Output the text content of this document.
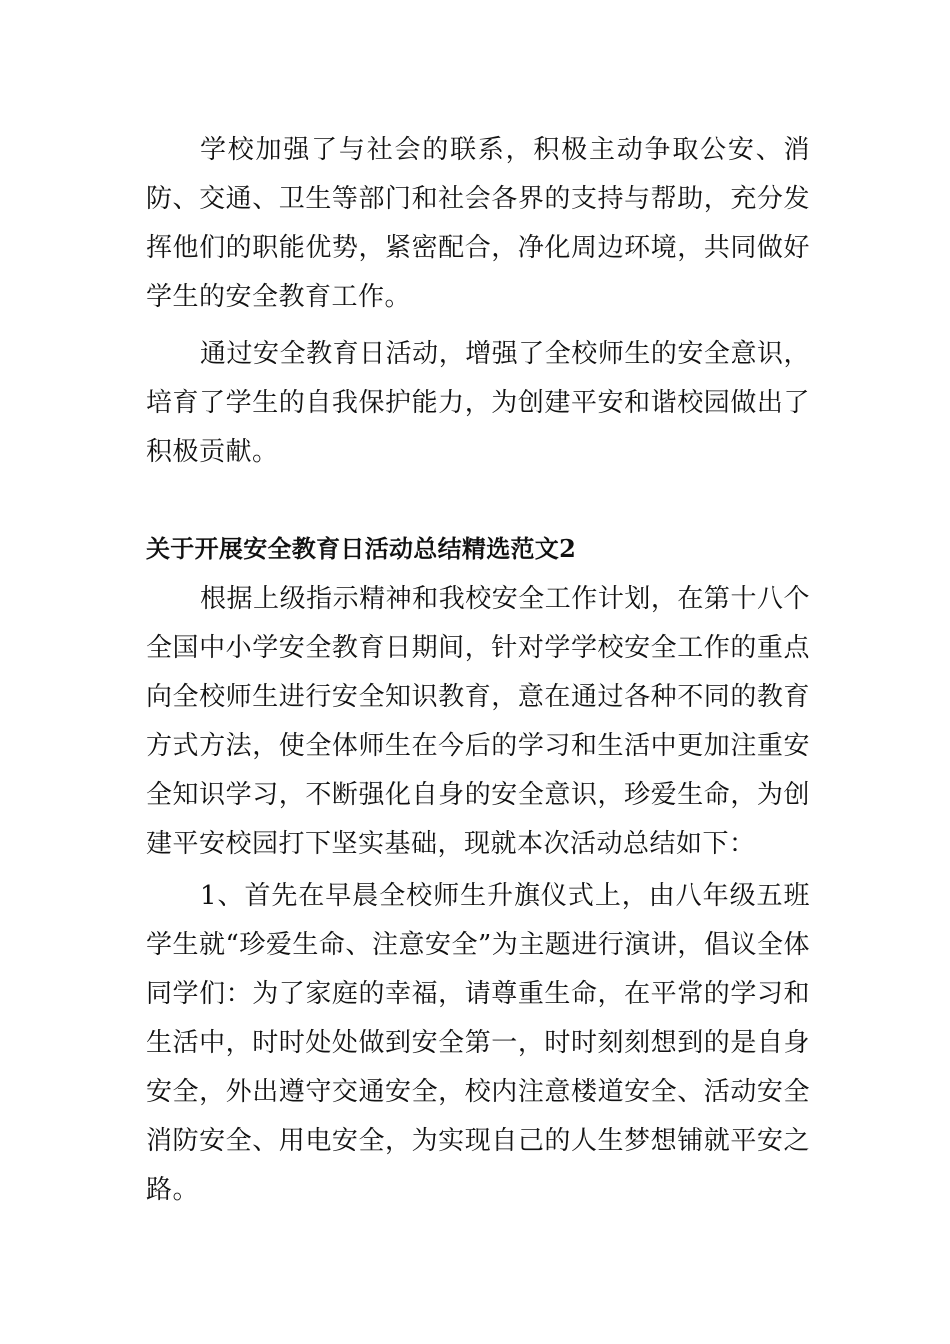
学校加强了与社会的联系，积极主动争取公安、消防、交通、卫生等部门和社会各界的支持与帮助，充分发挥他们的职能优势，紧密配合，净化周边环境，共同做好学生的安全教育工作。

通过安全教育日活动，增强了全校师生的安全意识，培育了学生的自我保护能力，为创建平安和谐校园做出了积极贡献。

关于开展安全教育日活动总结精选范文2

根据上级指示精神和我校安全工作计划，在第十八个全国中小学安全教育日期间，针对学学校安全工作的重点向全校师生进行安全知识教育，意在通过各种不同的教育方式方法，使全体师生在今后的学习和生活中更加注重安全知识学习，不断强化自身的安全意识，珍爱生命，为创建平安校园打下坚实基础，现就本次活动总结如下：

1、首先在早晨全校师生升旗仪式上，由八年级五班学生就“珍爱生命、注意安全”为主题进行演讲，倡议全体同学们：为了家庭的幸福，请尊重生命，在平常的学习和生活中，时时处处做到安全第一，时时刻刻想到的是自身安全，外出遵守交通安全，校内注意楼道安全、活动安全消防安全、用电安全，为实现自己的人生梦想铺就平安之路。
